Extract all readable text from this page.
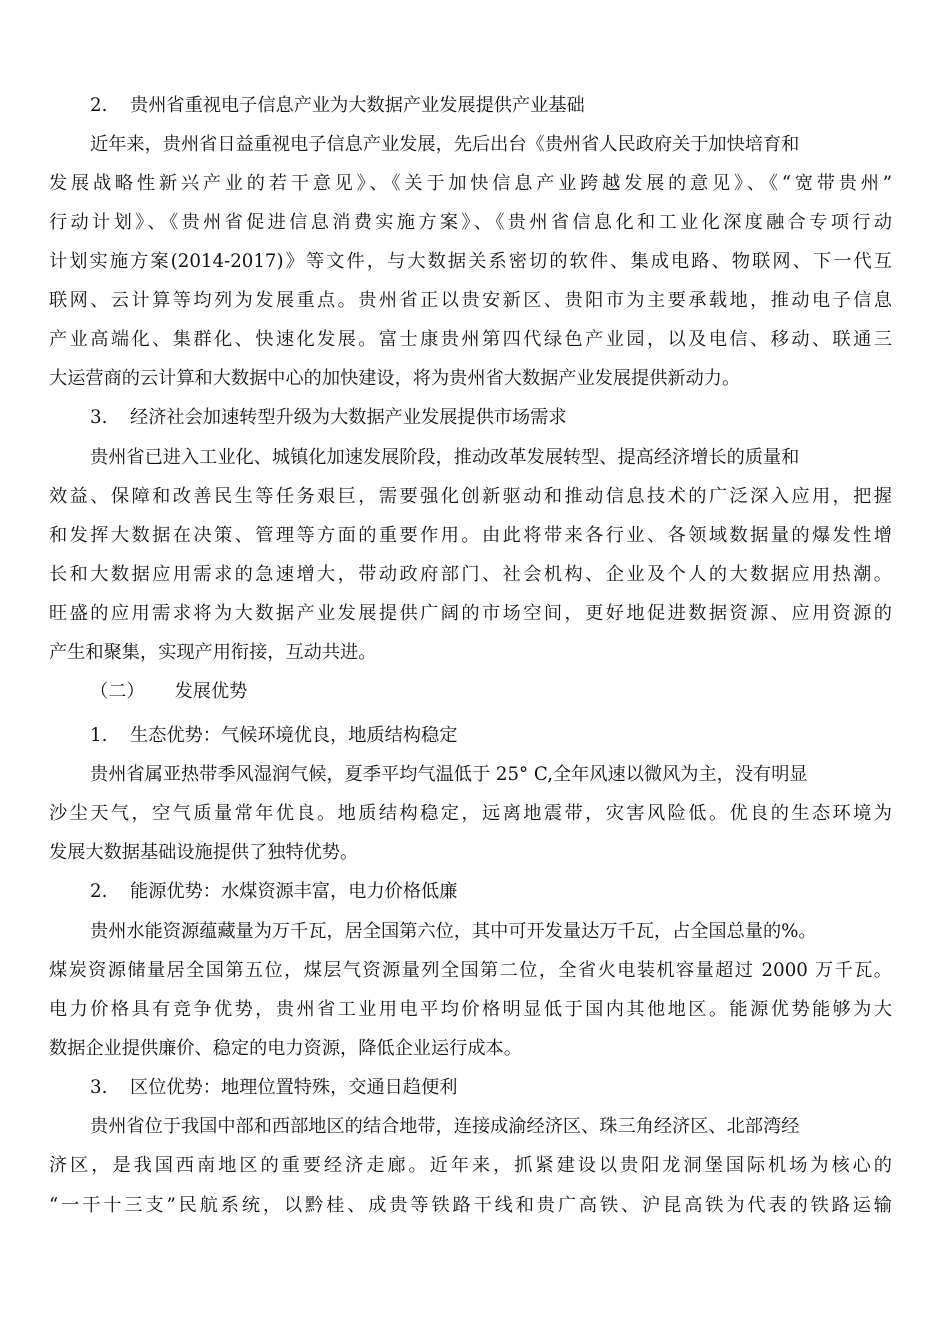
2. 贵州省重视电子信息产业为大数据产业发展提供产业基础
近年来，贵州省日益重视电子信息产业发展，先后出台《贵州省人民政府关于加快培育和
发展战略性新兴产业的若干意见》、《关于加快信息产业跨越发展的意见》、《“宽带贵州”
行动计划》、《贵州省促进信息消费实施方案》、《贵州省信息化和工业化深度融合专项行动
计划实施方案(2014-2017)》等文件，与大数据关系密切的软件、集成电路、物联网、下一代互
联网、云计算等均列为发展重点。贵州省正以贵安新区、贵阳市为主要承载地，推动电子信息
产业高端化、集群化、快速化发展。富士康贵州第四代绿色产业园，以及电信、移动、联通三
大运营商的云计算和大数据中心的加快建设，将为贵州省大数据产业发展提供新动力。
3. 经济社会加速转型升级为大数据产业发展提供市场需求
贵州省已进入工业化、城镇化加速发展阶段，推动改革发展转型、提高经济增长的质量和
效益、保障和改善民生等任务艰巨，需要强化创新驱动和推动信息技术的广泛深入应用，把握
和发挥大数据在决策、管理等方面的重要作用。由此将带来各行业、各领域数据量的爆发性增
长和大数据应用需求的急速增大，带动政府部门、社会机构、企业及个人的大数据应用热潮。
旺盛的应用需求将为大数据产业发展提供广阔的市场空间，更好地促进数据资源、应用资源的
产生和聚集，实现产用衔接，互动共进。
（二） 发展优势
1. 生态优势：气候环境优良，地质结构稳定
贵州省属亚热带季风湿润气候，夏季平均气温低于 25° C,全年风速以微风为主，没有明显
沙尘天气，空气质量常年优良。地质结构稳定，远离地震带，灾害风险低。优良的生态环境为
发展大数据基础设施提供了独特优势。
2. 能源优势：水煤资源丰富，电力价格低廉
贵州水能资源蕴藏量为万千瓦，居全国第六位，其中可开发量达万千瓦，占全国总量的%。
煤炭资源储量居全国第五位，煤层气资源量列全国第二位，全省火电装机容量超过 2000 万千瓦。
电力价格具有竞争优势，贵州省工业用电平均价格明显低于国内其他地区。能源优势能够为大
数据企业提供廉价、稳定的电力资源，降低企业运行成本。
3. 区位优势：地理位置特殊，交通日趋便利
贵州省位于我国中部和西部地区的结合地带，连接成渝经济区、珠三角经济区、北部湾经
济区，是我国西南地区的重要经济走廊。近年来，抓紧建设以贵阳龙洞堡国际机场为核心的
“一干十三支”民航系统，以黔桂、成贵等铁路干线和贵广高铁、沪昆高铁为代表的铁路运输
